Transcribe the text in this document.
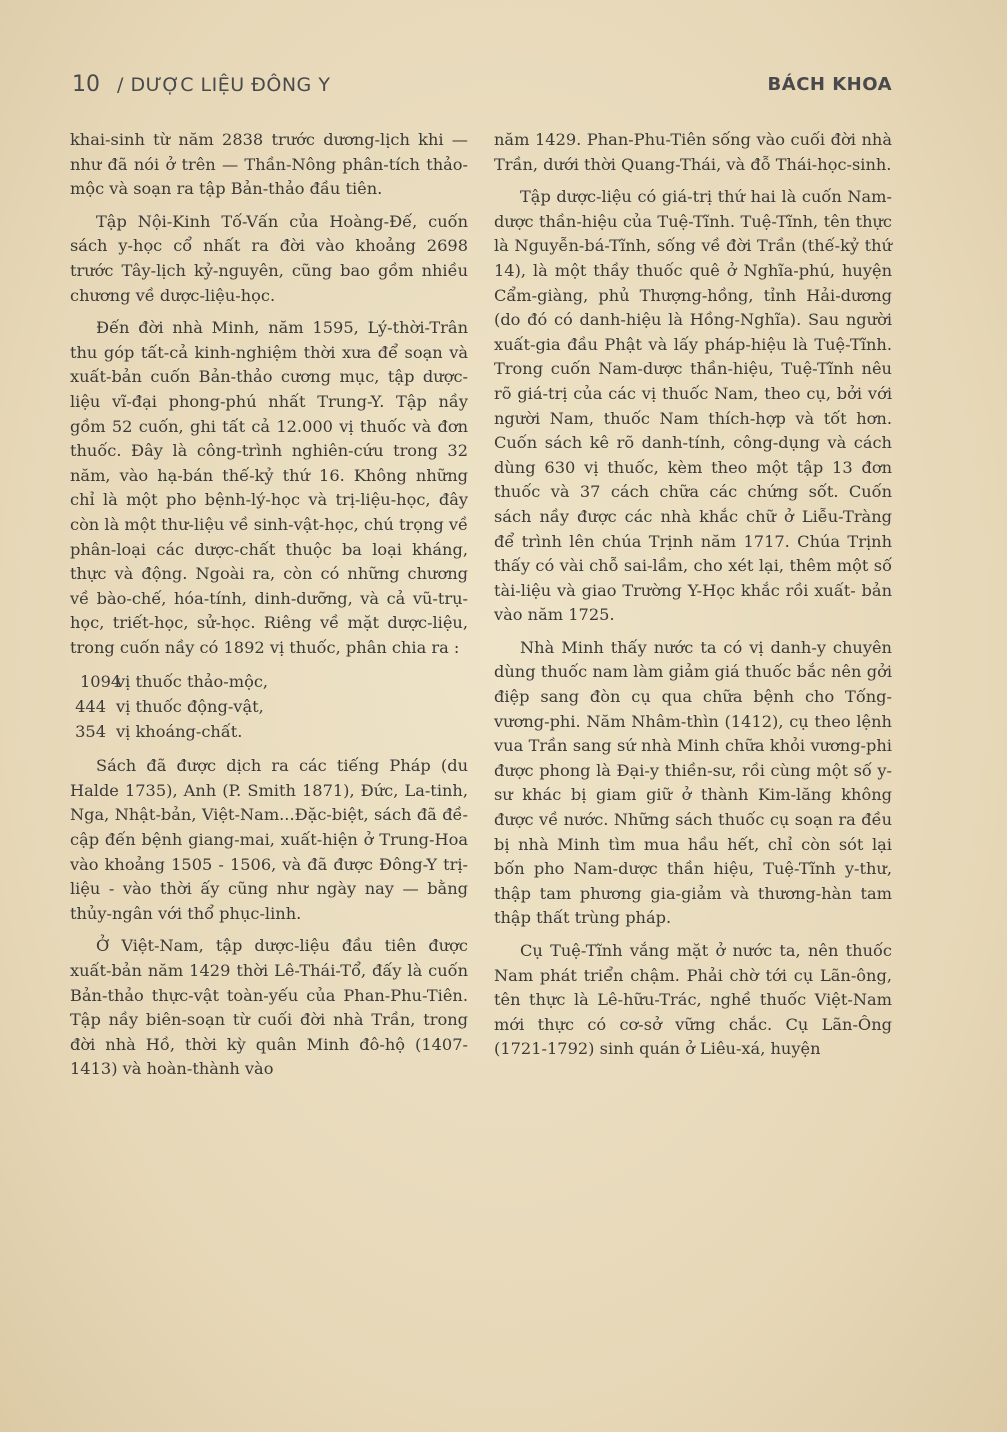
10 / DƯỢC LIỆU ĐÔNG Y	BÁCH KHOA

khai-sinh từ năm 2838 trước dương-lịch khi — như đã nói ở trên — Thần-Nông phân-tích thảo-mộc và soạn ra tập Bản-thảo đầu tiên.

Tập Nội-Kinh Tố-Vấn của Hoàng-Đế, cuốn sách y-học cổ nhất ra đời vào khoảng 2698 trước Tây-lịch kỷ-nguyên, cũng bao gồm nhiều chương về dược-liệu-học.

Đến đời nhà Minh, năm 1595, Lý-thời-Trân thu góp tất-cả kinh-nghiệm thời xưa để soạn và xuất-bản cuốn Bản-thảo cương mục, tập dược-liệu vĩ-đại phong-phú nhất Trung-Y. Tập nầy gồm 52 cuốn, ghi tất cả 12.000 vị thuốc và đơn thuốc. Đây là công-trình nghiên-cứu trong 32 năm, vào hạ-bán thế-kỷ thứ 16. Không những chỉ là một pho bệnh-lý-học và trị-liệu-học, đây còn là một thư-liệu về sinh-vật-học, chú trọng về phân-loại các dược-chất thuộc ba loại kháng, thực và động. Ngoài ra, còn có những chương về bào-chế, hóa-tính, dinh-dưỡng, và cả vũ-trụ-học, triết-học, sử-học. Riêng về mặt dược-liệu, trong cuốn nầy có 1892 vị thuốc, phân chia ra :

1094
vị thuốc thảo-mộc,
444 vị thuốc động-vật,
354 vị khoáng-chất.

Sách đã được dịch ra các tiếng Pháp (du Halde 1735), Anh (P. Smith 1871), Đức, La-tinh, Nga, Nhật-bản, Việt-Nam...Đặc-biệt, sách đã đề-cập đến bệnh giang-mai, xuất-hiện ở Trung-Hoa vào khoảng 1505 - 1506, và đã được Đông-Y trị-liệu - vào thời ấy cũng như ngày nay — bằng thủy-ngân với thổ phục-linh.

Ở Việt-Nam, tập dược-liệu đầu tiên được xuất-bản năm 1429 thời Lê-Thái-Tổ, đấy là cuốn Bản-thảo thực-vật toàn-yếu của Phan-Phu-Tiên. Tập nầy biên-soạn từ cuối đời nhà Trần, trong đời nhà Hồ, thời kỳ quân Minh đô-hộ (1407-1413) và hoàn-thành vào

năm 1429. Phan-Phu-Tiên sống vào cuối đời nhà Trần, dưới thời Quang-Thái, và đỗ Thái-học-sinh.

Tập dược-liệu có giá-trị thứ hai là cuốn Nam-dược thần-hiệu của Tuệ-Tĩnh. Tuệ-Tĩnh, tên thực là Nguyễn-bá-Tĩnh, sống về đời Trần (thế-kỷ thứ 14), là một thầy thuốc quê ở Nghĩa-phú, huyện Cẩm-giàng, phủ Thượng-hồng, tỉnh Hải-dương (do đó có danh-hiệu là Hồng-Nghĩa). Sau người xuất-gia đầu Phật và lấy pháp-hiệu là Tuệ-Tĩnh. Trong cuốn Nam-dược thần-hiệu, Tuệ-Tĩnh nêu rõ giá-trị của các vị thuốc Nam, theo cụ, bởi với người Nam, thuốc Nam thích-hợp và tốt hơn. Cuốn sách kê rõ danh-tính, công-dụng và cách dùng 630 vị thuốc, kèm theo một tập 13 đơn thuốc và 37 cách chữa các chứng sốt. Cuốn sách nầy được các nhà khắc chữ ở Liễu-Tràng để trình lên chúa Trịnh năm 1717. Chúa Trịnh thấy có vài chỗ sai-lầm, cho xét lại, thêm một số tài-liệu và giao Trường Y-Học khắc rồi xuất- bản vào năm 1725.

Nhà Minh thấy nước ta có vị danh-y chuyên dùng thuốc nam làm giảm giá thuốc bắc nên gởi điệp sang đòn cụ qua chữa bệnh cho Tống-vương-phi. Năm Nhâm-thìn (1412), cụ theo lệnh vua Trần sang sứ nhà Minh chữa khỏi vương-phi được phong là Đại-y thiền-sư, rồi cùng một số y-sư khác bị giam giữ ở thành Kim-lăng không được về nước. Những sách thuốc cụ soạn ra đều bị nhà Minh tìm mua hầu hết, chỉ còn sót lại bốn pho Nam-dược thần hiệu, Tuệ-Tĩnh y-thư, thập tam phương gia-giảm và thương-hàn tam thập thất trùng pháp.

Cụ Tuệ-Tĩnh vắng mặt ở nước ta, nên thuốc Nam phát triển chậm. Phải chờ tới cụ Lãn-ông, tên thực là Lê-hữu-Trác, nghề thuốc Việt-Nam mới thực có cơ-sở vững chắc. Cụ Lãn-Ông (1721-1792) sinh quán ở Liêu-xá, huyện
